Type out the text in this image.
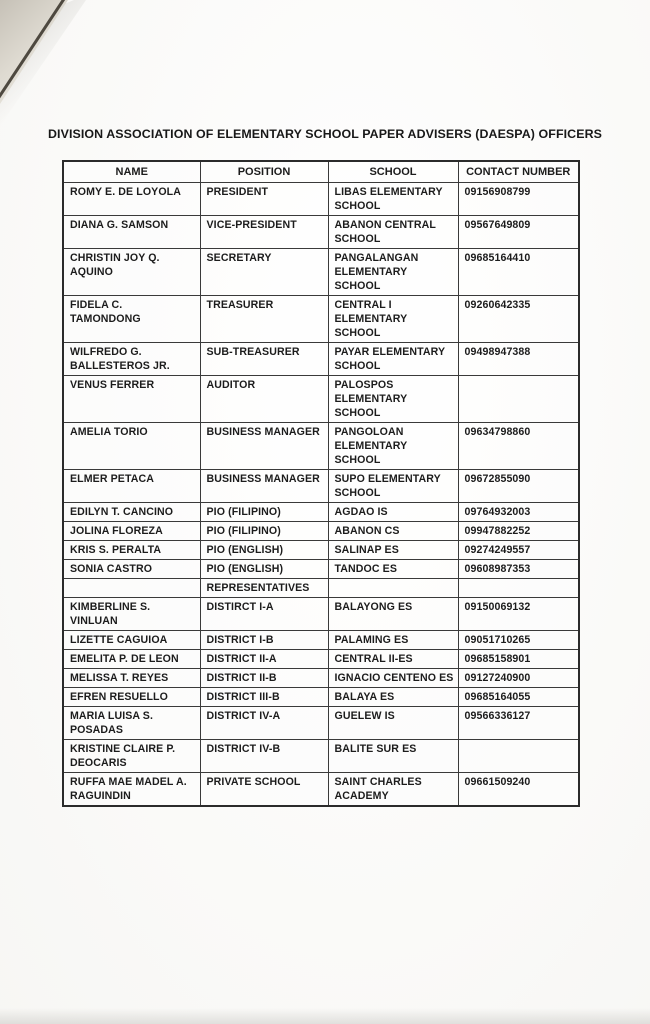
DIVISION ASSOCIATION OF ELEMENTARY SCHOOL PAPER ADVISERS (DAESPA) OFFICERS
NAME	POSITION	SCHOOL	CONTACT NUMBER
ROMY E. DE LOYOLA	PRESIDENT	LIBAS ELEMENTARY SCHOOL	09156908799
DIANA G. SAMSON	VICE-PRESIDENT	ABANON CENTRAL SCHOOL	09567649809
CHRISTIN JOY Q. AQUINO	SECRETARY	PANGALANGAN ELEMENTARY SCHOOL	09685164410
FIDELA C. TAMONDONG	TREASURER	CENTRAL I ELEMENTARY SCHOOL	09260642335
WILFREDO G. BALLESTEROS JR.	SUB-TREASURER	PAYAR ELEMENTARY SCHOOL	09498947388
VENUS FERRER	AUDITOR	PALOSPOS ELEMENTARY SCHOOL	
AMELIA TORIO	BUSINESS MANAGER	PANGOLOAN ELEMENTARY SCHOOL	09634798860
ELMER PETACA	BUSINESS MANAGER	SUPO ELEMENTARY SCHOOL	09672855090
EDILYN T. CANCINO	PIO (FILIPINO)	AGDAO IS	09764932003
JOLINA FLOREZA	PIO (FILIPINO)	ABANON CS	09947882252
KRIS S. PERALTA	PIO (ENGLISH)	SALINAP ES	09274249557
SONIA CASTRO	PIO (ENGLISH)	TANDOC ES	09608987353
	REPRESENTATIVES		
KIMBERLINE S. VINLUAN	DISTIRCT I-A	BALAYONG ES	09150069132
LIZETTE CAGUIOA	DISTRICT I-B	PALAMING ES	09051710265
EMELITA P. DE LEON	DISTRICT II-A	CENTRAL II-ES	09685158901
MELISSA T. REYES	DISTRICT II-B	IGNACIO CENTENO ES	09127240900
EFREN RESUELLO	DISTRICT III-B	BALAYA ES	09685164055
MARIA LUISA S. POSADAS	DISTRICT IV-A	GUELEW IS	09566336127
KRISTINE CLAIRE P. DEOCARIS	DISTRICT IV-B	BALITE SUR ES	
RUFFA MAE MADEL A. RAGUINDIN	PRIVATE SCHOOL	SAINT CHARLES ACADEMY	09661509240
